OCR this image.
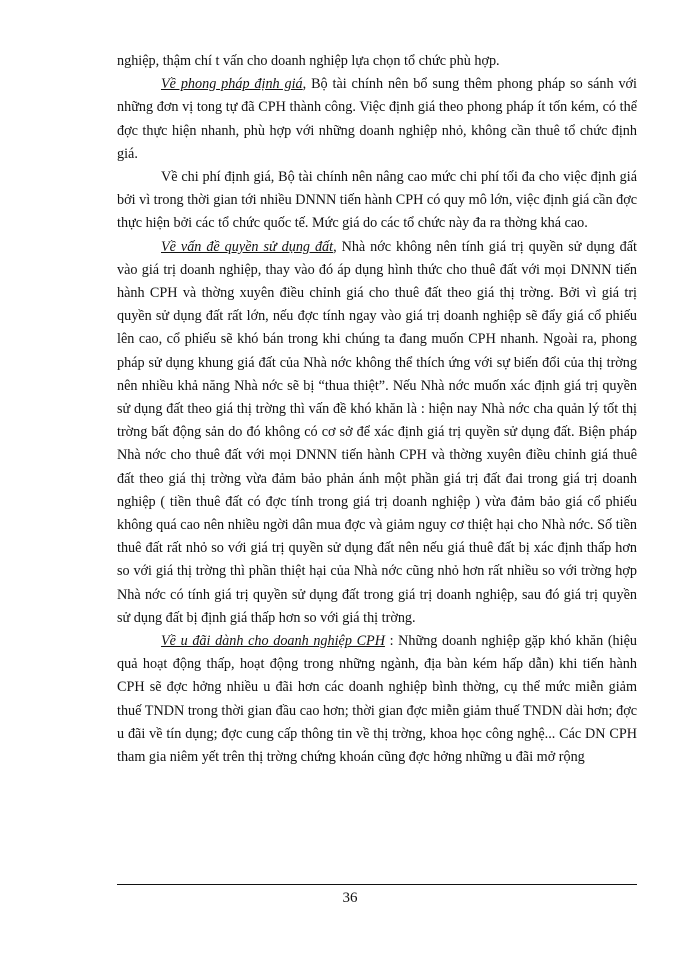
nghiệp, thậm chí t vấn cho doanh nghiệp lựa chọn tổ chức phù hợp.

Về phong pháp định giá, Bộ tài chính nên bổ sung thêm phong pháp so sánh với những đơn vị tong tự đã CPH thành công. Việc định giá theo phong pháp ít tốn kém, có thể đợc thực hiện nhanh, phù hợp với những doanh nghiệp nhỏ, không cần thuê tổ chức định giá.

Về chi phí định giá, Bộ tài chính nên nâng cao mức chi phí tối đa cho việc định giá bởi vì trong thời gian tới nhiều DNNN tiến hành CPH có quy mô lớn, việc định giá cần đợc thực hiện bởi các tổ chức quốc tế. Mức giá do các tổ chức này đa ra thờng khá cao.

Về vấn đề quyền sử dụng đất, Nhà nớc không nên tính giá trị quyền sử dụng đất vào giá trị doanh nghiệp, thay vào đó áp dụng hình thức cho thuê đất với mọi DNNN tiến hành CPH và thờng xuyên điều chỉnh giá cho thuê đất theo giá thị trờng. Bởi vì giá trị quyền sử dụng đất rất lớn, nếu đợc tính ngay vào giá trị doanh nghiệp sẽ đẩy giá cổ phiếu lên cao, cổ phiếu sẽ khó bán trong khi chúng ta đang muốn CPH nhanh. Ngoài ra, phong pháp sử dụng khung giá đất của Nhà nớc không thể thích ứng với sự biến đổi của thị trờng nên nhiều khả năng Nhà nớc sẽ bị “thua thiệt”. Nếu Nhà nớc muốn xác định giá trị quyền sử dụng đất theo giá thị trờng thì vấn đề khó khăn là : hiện nay Nhà nớc cha quản lý tốt thị trờng bất động sản do đó không có cơ sở để xác định giá trị quyền sử dụng đất. Biện pháp Nhà nớc cho thuê đất với mọi DNNN tiến hành CPH và thờng xuyên điều chỉnh giá thuê đất theo giá thị trờng vừa đảm bảo phản ánh một phần giá trị đất đai trong giá trị doanh nghiệp ( tiền thuê đất có đợc tính trong giá trị doanh nghiệp ) vừa đảm bảo giá cổ phiếu không quá cao nên nhiều ngời dân mua đợc và giảm nguy cơ thiệt hại cho Nhà nớc. Số tiền thuê đất rất nhỏ so với giá trị quyền sử dụng đất nên nếu giá thuê đất bị xác định thấp hơn so với giá thị trờng thì phần thiệt hại của Nhà nớc cũng nhỏ hơn rất nhiều so với trờng hợp Nhà nớc có tính giá trị quyền sử dụng đất trong giá trị doanh nghiệp, sau đó giá trị quyền sử dụng đất bị định giá thấp hơn so với giá thị trờng.

Về u đãi dành cho doanh nghiệp CPH : Những doanh nghiệp gặp khó khăn (hiệu quả hoạt động thấp, hoạt động trong những ngành, địa bàn kém hấp dẫn) khi tiến hành CPH sẽ đợc hởng nhiều u đãi hơn các doanh nghiệp bình thờng, cụ thể mức miễn giảm thuế TNDN trong thời gian đầu cao hơn; thời gian đợc miễn giảm thuế TNDN dài hơn; đợc u đãi về tín dụng; đợc cung cấp thông tin về thị trờng, khoa học công nghệ... Các DN CPH tham gia niêm yết trên thị trờng chứng khoán cũng đợc hởng những u đãi mở rộng

36
